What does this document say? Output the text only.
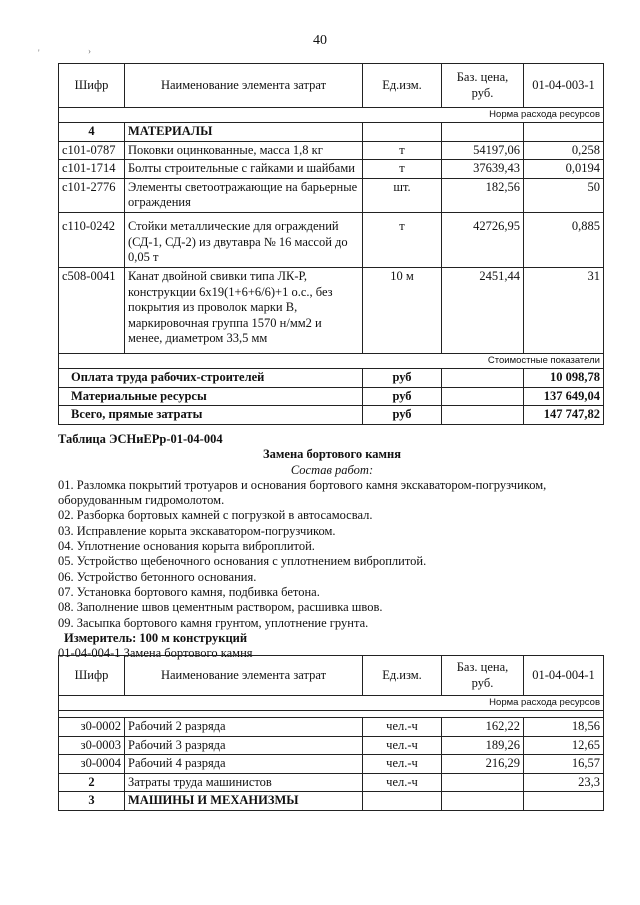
40
'	›
Шифр	Наименование элемента затрат	Ед.изм.	Баз. цена, руб.	01-04-003-1
Норма расхода ресурсов				
4	МАТЕРИАЛЫ			
с101-0787	Поковки оцинкованные, масса 1,8 кг	т	54197,06	0,258
с101-1714	Болты строительные с гайками и шайбами	т	37639,43	0,0194
с101-2776	Элементы светоотражающие на барьерные ограждения	шт.	182,56	50
с110-0242	Стойки металлические для ограждений (СД-1, СД-2) из двутавра № 16 массой до 0,05 т	т	42726,95	0,885
с508-0041	Канат двойной свивки типа ЛК-Р, конструкции 6х19(1+6+6/6)+1 о.с., без покрытия из проволок марки В, маркировочная группа 1570 н/мм2 и менее, диаметром 33,5 мм	10 м	2451,44	31
Стоимостные показатели				
Оплата труда рабочих-строителей		руб		10 098,78
Материальные ресурсы		руб		137 649,04
Всего, прямые затраты		руб		147 747,82
Таблица ЭСНиЕРр-01-04-004
Замена бортового камня
Состав работ:
01. Разломка покрытий тротуаров и основания бортового камня экскаватором-погрузчиком,
оборудованным гидромолотом.
02. Разборка бортовых камней с погрузкой в автосамосвал.
03. Исправление корыта экскаватором-погрузчиком.
04. Уплотнение основания корыта виброплитой.
05. Устройство щебеночного основания с уплотнением виброплитой.
06. Устройство бетонного основания.
07. Установка бортового камня, подбивка бетона.
08. Заполнение швов цементным раствором, расшивка швов.
09. Засыпка бортового камня грунтом, уплотнение грунта.
Измеритель: 100 м конструкций
01-04-004-1 Замена бортового камня
Шифр	Наименование элемента затрат	Ед.изм.	Баз. цена, руб.	01-04-004-1
Норма расхода ресурсов				

з0-0002	Рабочий 2 разряда	чел.-ч	162,22	18,56
з0-0003	Рабочий 3 разряда	чел.-ч	189,26	12,65
з0-0004	Рабочий 4 разряда	чел.-ч	216,29	16,57
2	Затраты труда машинистов	чел.-ч		23,3
3	МАШИНЫ И МЕХАНИЗМЫ			
